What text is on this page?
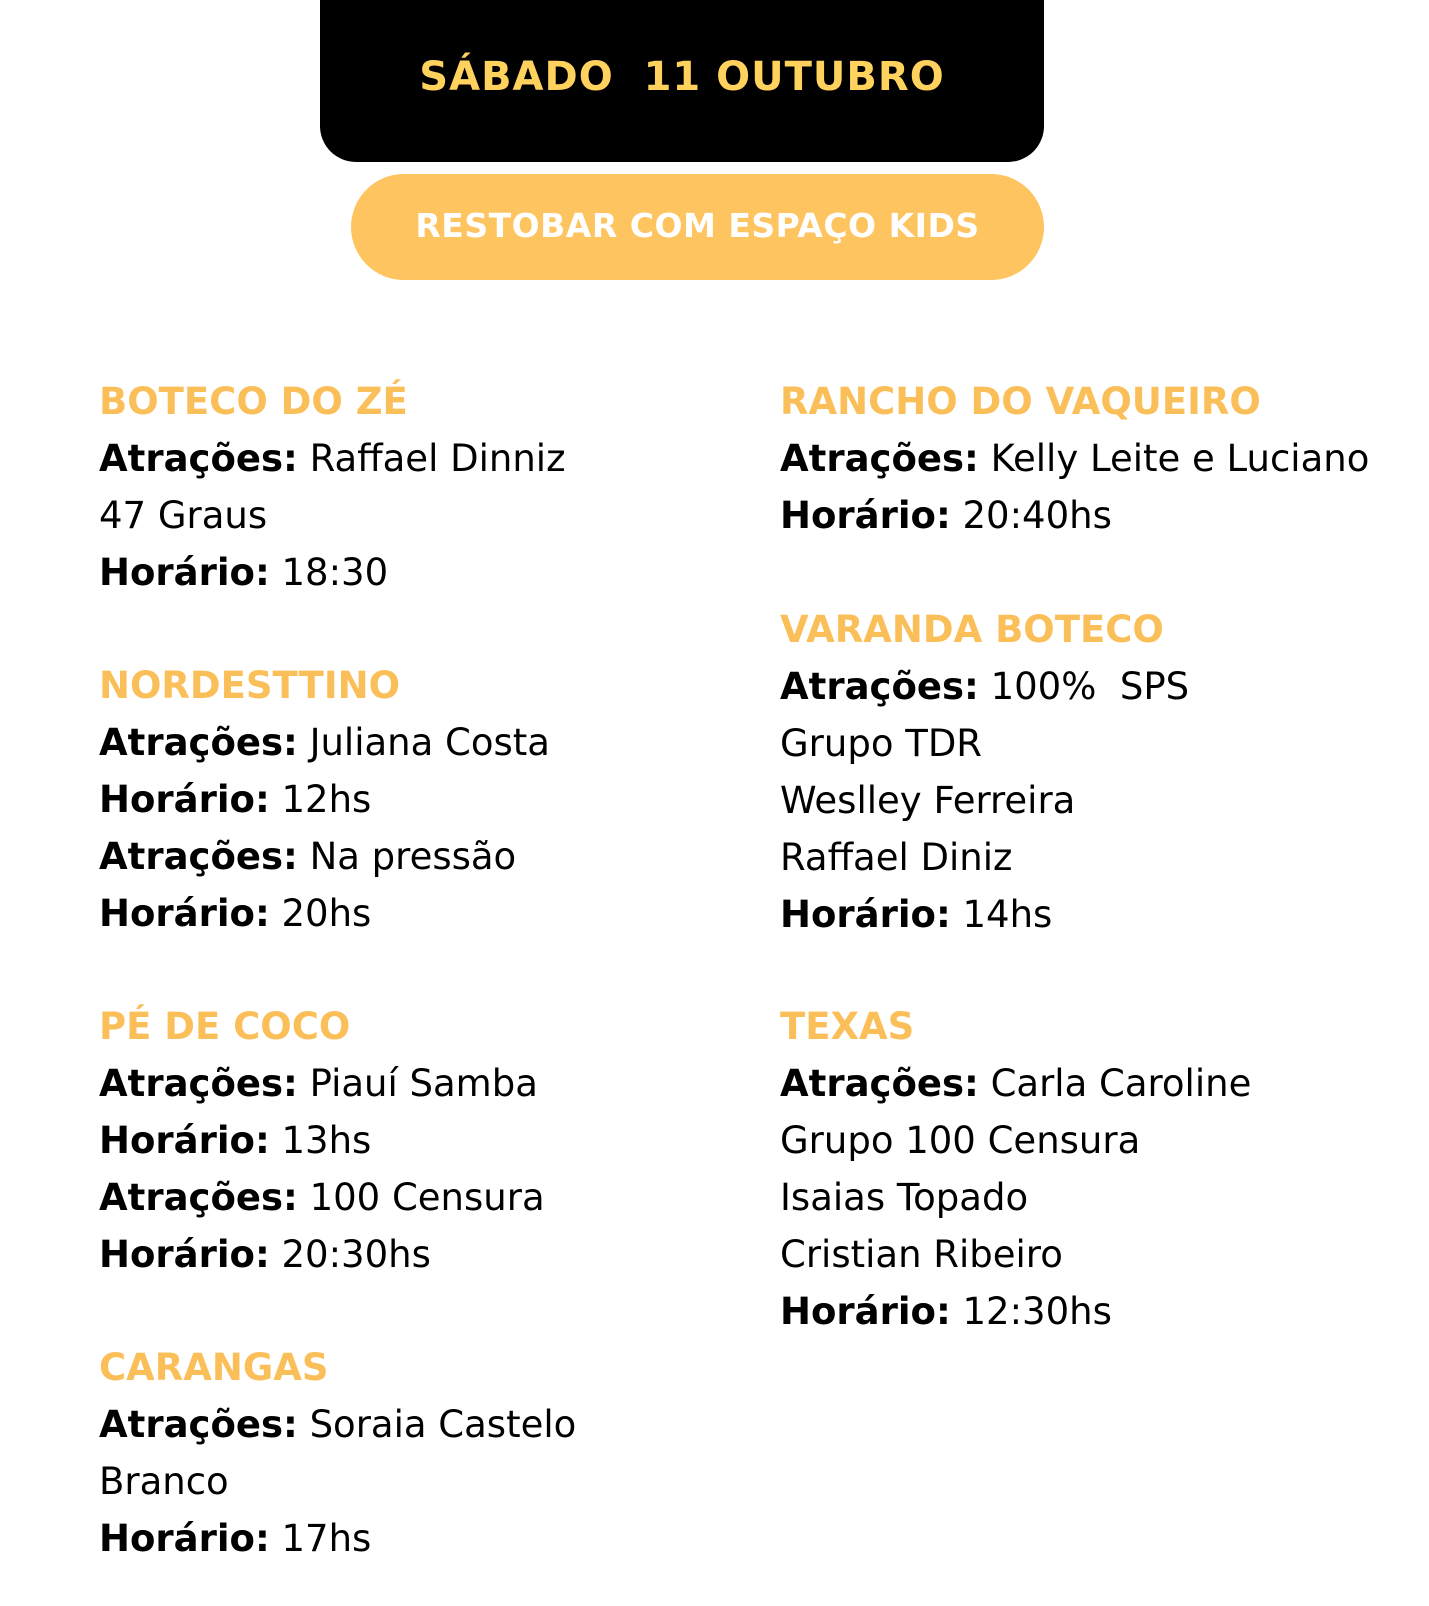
SÁBADO  11 OUTUBRO
RESTOBAR COM ESPAÇO KIDS
BOTECO DO ZÉ
Atrações: Raffael Dinniz
47 Graus
Horário: 18:30
NORDESTTINO
Atrações: Juliana Costa
Horário: 12hs
Atrações: Na pressão
Horário: 20hs
PÉ DE COCO
Atrações: Piauí Samba
Horário: 13hs
Atrações: 100 Censura
Horário: 20:30hs
CARANGAS
Atrações: Soraia Castelo
Branco
Horário: 17hs
RANCHO DO VAQUEIRO
Atrações: Kelly Leite e Luciano
Horário: 20:40hs
VARANDA BOTECO
Atrações: 100%  SPS
Grupo TDR
Weslley Ferreira
Raffael Diniz
Horário: 14hs
TEXAS
Atrações: Carla Caroline
Grupo 100 Censura
Isaias Topado
Cristian Ribeiro
Horário: 12:30hs
